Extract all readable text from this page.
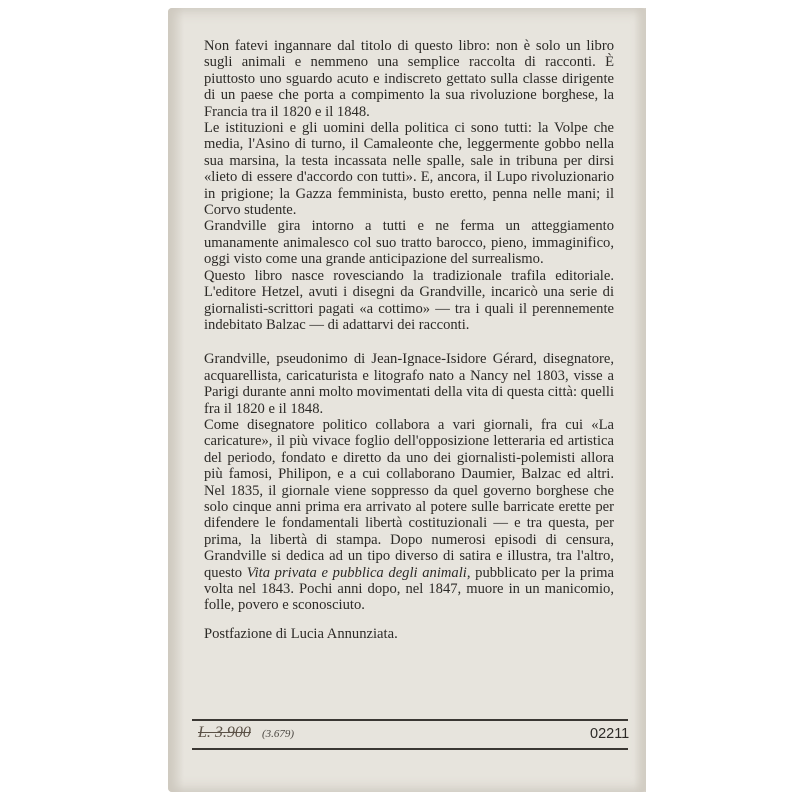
Non fatevi ingannare dal titolo di questo libro: non è solo un libro sugli animali e nemmeno una semplice raccolta di racconti. È piuttosto uno sguardo acuto e indiscreto gettato sulla classe dirigente di un paese che porta a compimento la sua rivoluzione borghese, la Francia tra il 1820 e il 1848.

Le istituzioni e gli uomini della politica ci sono tutti: la Volpe che media, l'Asino di turno, il Camaleonte che, leggermente gobbo nella sua marsina, la testa incassata nelle spalle, sale in tribuna per dirsi «lieto di essere d'accordo con tutti». E, ancora, il Lupo rivoluzionario in prigione; la Gazza femminista, busto eretto, penna nelle mani; il Corvo studente.

Grandville gira intorno a tutti e ne ferma un atteggiamento umanamente animalesco col suo tratto barocco, pieno, immaginifico, oggi visto come una grande anticipazione del surrealismo.

Questo libro nasce rovesciando la tradizionale trafila editoriale. L'editore Hetzel, avuti i disegni da Grandville, incaricò una serie di giornalisti-scrittori pagati «a cottimo» — tra i quali il perennemente indebitato Balzac — di adattarvi dei racconti.

Grandville, pseudonimo di Jean-Ignace-Isidore Gérard, disegnatore, acquarellista, caricaturista e litografo nato a Nancy nel 1803, visse a Parigi durante anni molto movimentati della vita di questa città: quelli fra il 1820 e il 1848.

Come disegnatore politico collabora a vari giornali, fra cui «La caricature», il più vivace foglio dell'opposizione letteraria ed artistica del periodo, fondato e diretto da uno dei giornalisti-polemisti allora più famosi, Philipon, e a cui collaborano Daumier, Balzac ed altri. Nel 1835, il giornale viene soppresso da quel governo borghese che solo cinque anni prima era arrivato al potere sulle barricate erette per difendere le fondamentali libertà costituzionali — e tra questa, per prima, la libertà di stampa. Dopo numerosi episodi di censura, Grandville si dedica ad un tipo diverso di satira e illustra, tra l'altro, questo Vita privata e pubblica degli animali, pubblicato per la prima volta nel 1843. Pochi anni dopo, nel 1847, muore in un manicomio, folle, povero e sconosciuto.

Postfazione di Lucia Annunziata.

L. 3.900 (3.679)	02211
